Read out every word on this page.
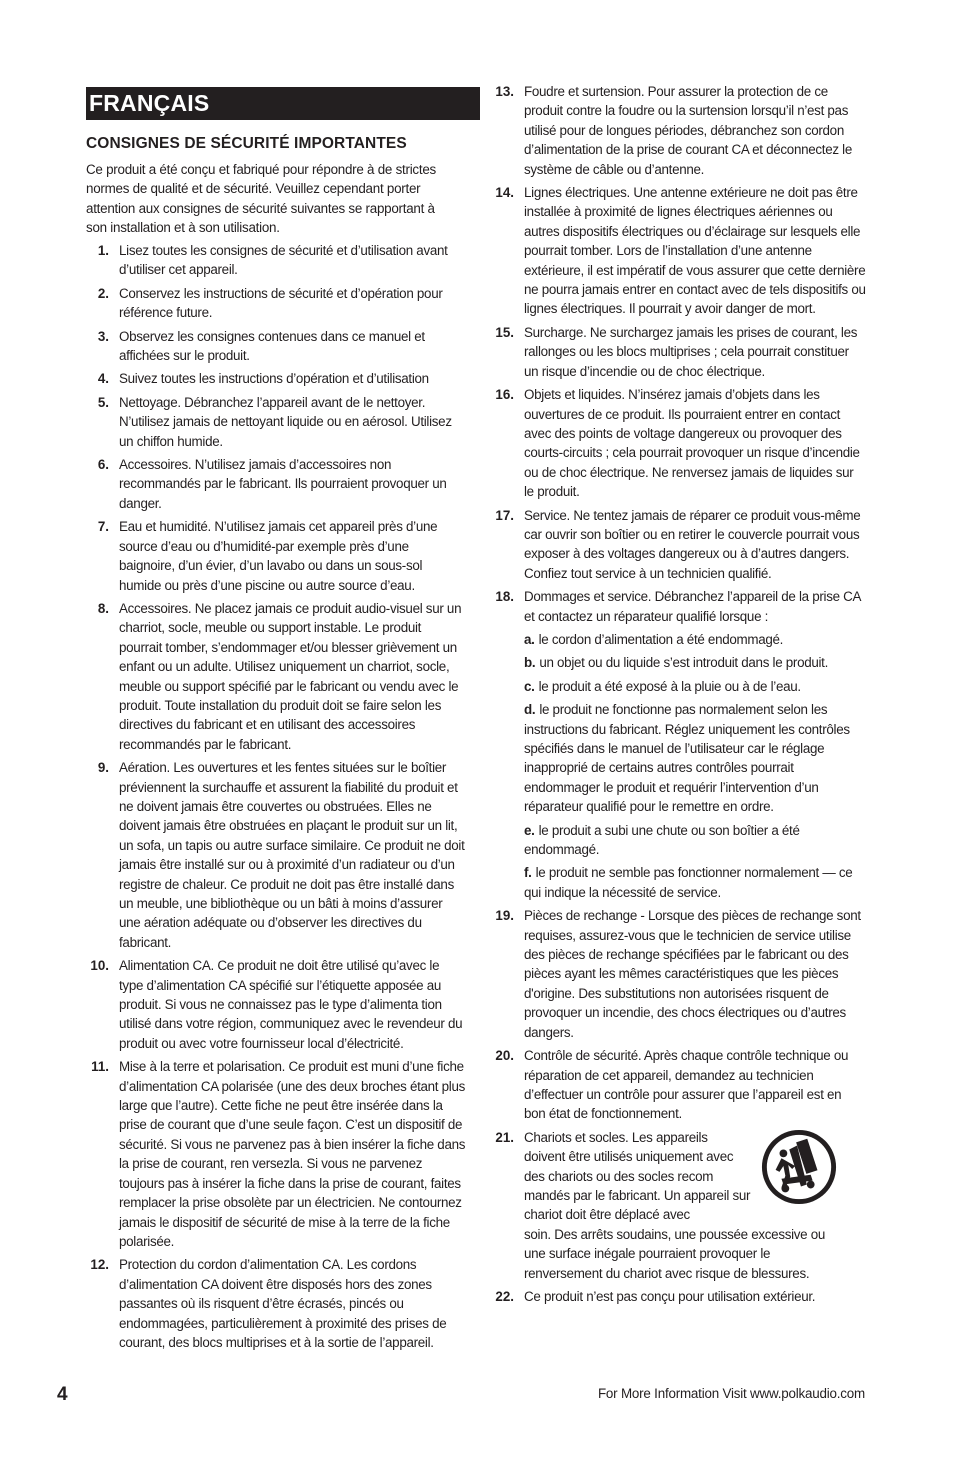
FRANÇAIS
CONSIGNES DE SÉCURITÉ IMPORTANTES
Ce produit a été conçu et fabriqué pour répondre à de strictes normes de qualité et de sécurité. Veuillez cependant porter attention aux consignes de sécurité suivantes se rapportant à son installation et à son utilisation.
1. Lisez toutes les consignes de sécurité et d’utilisation avant d’utiliser cet appareil.
2. Conservez les instructions de sécurité et d’opération pour référence future.
3. Observez les consignes contenues dans ce manuel et affichées sur le produit.
4. Suivez toutes les instructions d’opération et d’utilisation
5. Nettoyage. Débranchez l’appareil avant de le nettoyer. N’utilisez jamais de nettoyant liquide ou en aérosol. Utilisez un chiffon humide.
6. Accessoires. N’utilisez jamais d’accessoires non recommandés par le fabricant. Ils pourraient provoquer un danger.
7. Eau et humidité. N’utilisez jamais cet appareil près d’une source d’eau ou d’humidité-par exemple près d’une baignoire, d’un évier, d’un lavabo ou dans un sous-sol humide ou près d’une piscine ou autre source d’eau.
8. Accessoires. Ne placez jamais ce produit audio-visuel sur un charriot, socle, meuble ou support instable. Le produit pourrait tomber, s’endommager et/ou blesser grièvement un enfant ou un adulte. Utilisez uniquement un charriot, socle, meuble ou support spécifié par le fabricant ou vendu avec le produit. Toute installation du produit doit se faire selon les directives du fabricant et en utilisant des accessoires recommandés par le fabricant.
9. Aération. Les ouvertures et les fentes situées sur le boîtier préviennent la surchauffe et assurent la fiabilité du produit et ne doivent jamais être couvertes ou obstruées. Elles ne doivent jamais être obstruées en plaçant le produit sur un lit, un sofa, un tapis ou autre surface similaire. Ce produit ne doit jamais être installé sur ou à proximité d’un radiateur ou d’un registre de chaleur. Ce produit ne doit pas être installé dans un meuble, une bibliothèque ou un bâti à moins d’assurer une aération adéquate ou d’observer les directives du fabricant.
10. Alimentation CA. Ce produit ne doit être utilisé qu’avec le type d’alimentation CA spécifié sur l’étiquette apposée au produit. Si vous ne connaissez pas le type d’alimenta tion utilisé dans votre région, communiquez avec le revendeur du produit ou avec votre fournisseur local d’électricité.
11. Mise à la terre et polarisation. Ce produit est muni d’une fiche d’alimentation CA polarisée (une des deux broches étant plus large que l’autre). Cette fiche ne peut être insérée dans la prise de courant que d’une seule façon. C’est un dispositif de sécurité. Si vous ne parvenez pas à bien insérer la fiche dans la prise de courant, ren versezla. Si vous ne parvenez toujours pas à insérer la fiche dans la prise de courant, faites remplacer la prise obsolète par un électricien. Ne contournez jamais le dispositif de sécurité de mise à la terre de la fiche polarisée.
12. Protection du cordon d’alimentation CA. Les cordons d’alimentation CA doivent être disposés hors des zones passantes où ils risquent d’être écrasés, pincés ou endommagées, particulièrement à proximité des prises de courant, des blocs multiprises et à la sortie de l’appareil.
13. Foudre et surtension. Pour assurer la protection de ce produit contre la foudre ou la surtension lorsqu’il n’est pas utilisé pour de longues périodes, débranchez son cordon d’alimentation de la prise de courant CA et déconnectez le système de câble ou d’antenne.
14. Lignes électriques. Une antenne extérieure ne doit pas être installée à proximité de lignes électriques aériennes ou autres dispositifs électriques ou d’éclairage sur lesquels elle pourrait tomber. Lors de l’installation d’une antenne extérieure, il est impératif de vous assurer que cette dernière ne pourra jamais entrer en contact avec de tels dispositifs ou lignes électriques. Il pourrait y avoir danger de mort.
15. Surcharge. Ne surchargez jamais les prises de courant, les rallonges ou les blocs multiprises ; cela pourrait constituer un risque d’incendie ou de choc électrique.
16. Objets et liquides. N’insérez jamais d’objets dans les ouvertures de ce produit. Ils pourraient entrer en contact avec des points de voltage dangereux ou provoquer des courts-circuits ; cela pourrait provoquer un risque d’incendie ou de choc électrique. Ne renversez jamais de liquides sur le produit.
17. Service. Ne tentez jamais de réparer ce produit vous-même car ouvrir son boîtier ou en retirer le couvercle pourrait vous exposer à des voltages dangereux ou à d’autres dangers. Confiez tout service à un technicien qualifié.
18. Dommages et service. Débranchez l’appareil de la prise CA et contactez un réparateur qualifié lorsque :
a. le cordon d’alimentation a été endommagé.
b. un objet ou du liquide s’est introduit dans le produit.
c. le produit a été exposé à la pluie ou à de l’eau.
d. le produit ne fonctionne pas normalement selon les instructions du fabricant. Réglez uniquement les contrôles spécifiés dans le manuel de l’utilisateur car le réglage inapproprié de certains autres contrôles pourrait endommager le produit et requérir l’intervention d’un réparateur qualifié pour le remettre en ordre.
e. le produit a subi une chute ou son boîtier a été endommagé.
f. le produit ne semble pas fonctionner normalement — ce qui indique la nécessité de service.
19. Pièces de rechange - Lorsque des pièces de rechange sont requises, assurez-vous que le technicien de service utilise des pièces de rechange spécifiées par le fabricant ou des pièces ayant les mêmes caractéristiques que les pièces d'origine. Des substitutions non autorisées risquent de provoquer un incendie, des chocs électriques ou d’autres dangers.
20. Contrôle de sécurité. Après chaque contrôle technique ou réparation de cet appareil, demandez au technicien d’effectuer un contrôle pour assurer que l’appareil est en bon état de fonctionnement.
21. Chariots et socles. Les appareils doivent être utilisés uniquement avec des chariots ou des socles recom mandés par le fabricant. Un appareil sur chariot doit être déplacé avec
soin. Des arrêts soudains, une poussée excessive ou une surface inégale pourraient provoquer le renversement du chariot avec risque de blessures.
22. Ce produit n’est pas conçu pour utilisation extérieur.
4	For More Information Visit www.polkaudio.com
